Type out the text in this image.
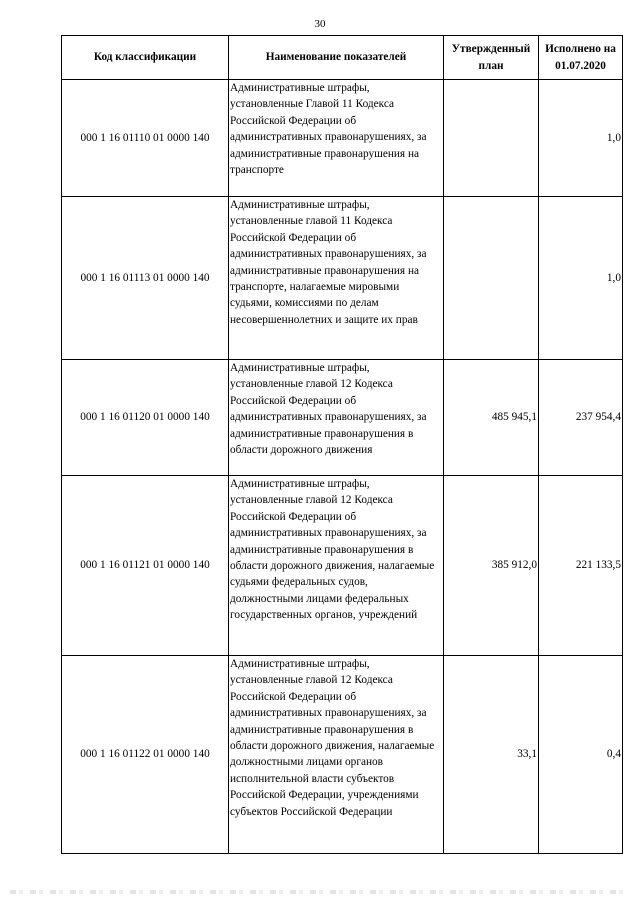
30
Код классификации	Наименование показателей	Утвержденный план	Исполнено на 01.07.2020
000 1 16 01110 01 0000 140	Административные штрафы, установленные Главой 11 Кодекса Российской Федерации об административных правонарушениях, за административные правонарушения на транспорте		1,0
000 1 16 01113 01 0000 140	Административные штрафы, установленные главой 11 Кодекса Российской Федерации об административных правонарушениях, за административные правонарушения на транспорте, налагаемые мировыми судьями, комиссиями по делам несовершеннолетних и защите их прав		1,0
000 1 16 01120 01 0000 140	Административные штрафы, установленные главой 12 Кодекса Российской Федерации об административных правонарушениях, за административные правонарушения в области дорожного движения	485 945,1	237 954,4
000 1 16 01121 01 0000 140	Административные штрафы, установленные главой 12 Кодекса Российской Федерации об административных правонарушениях, за административные правонарушения в области дорожного движения, налагаемые судьями федеральных судов, должностными лицами федеральных государственных органов, учреждений	385 912,0	221 133,5
000 1 16 01122 01 0000 140	Административные штрафы, установленные главой 12 Кодекса Российской Федерации об административных правонарушениях, за административные правонарушения в области дорожного движения, налагаемые должностными лицами органов исполнительной власти субъектов Российской Федерации, учреждениями субъектов Российской Федерации	33,1	0,4
